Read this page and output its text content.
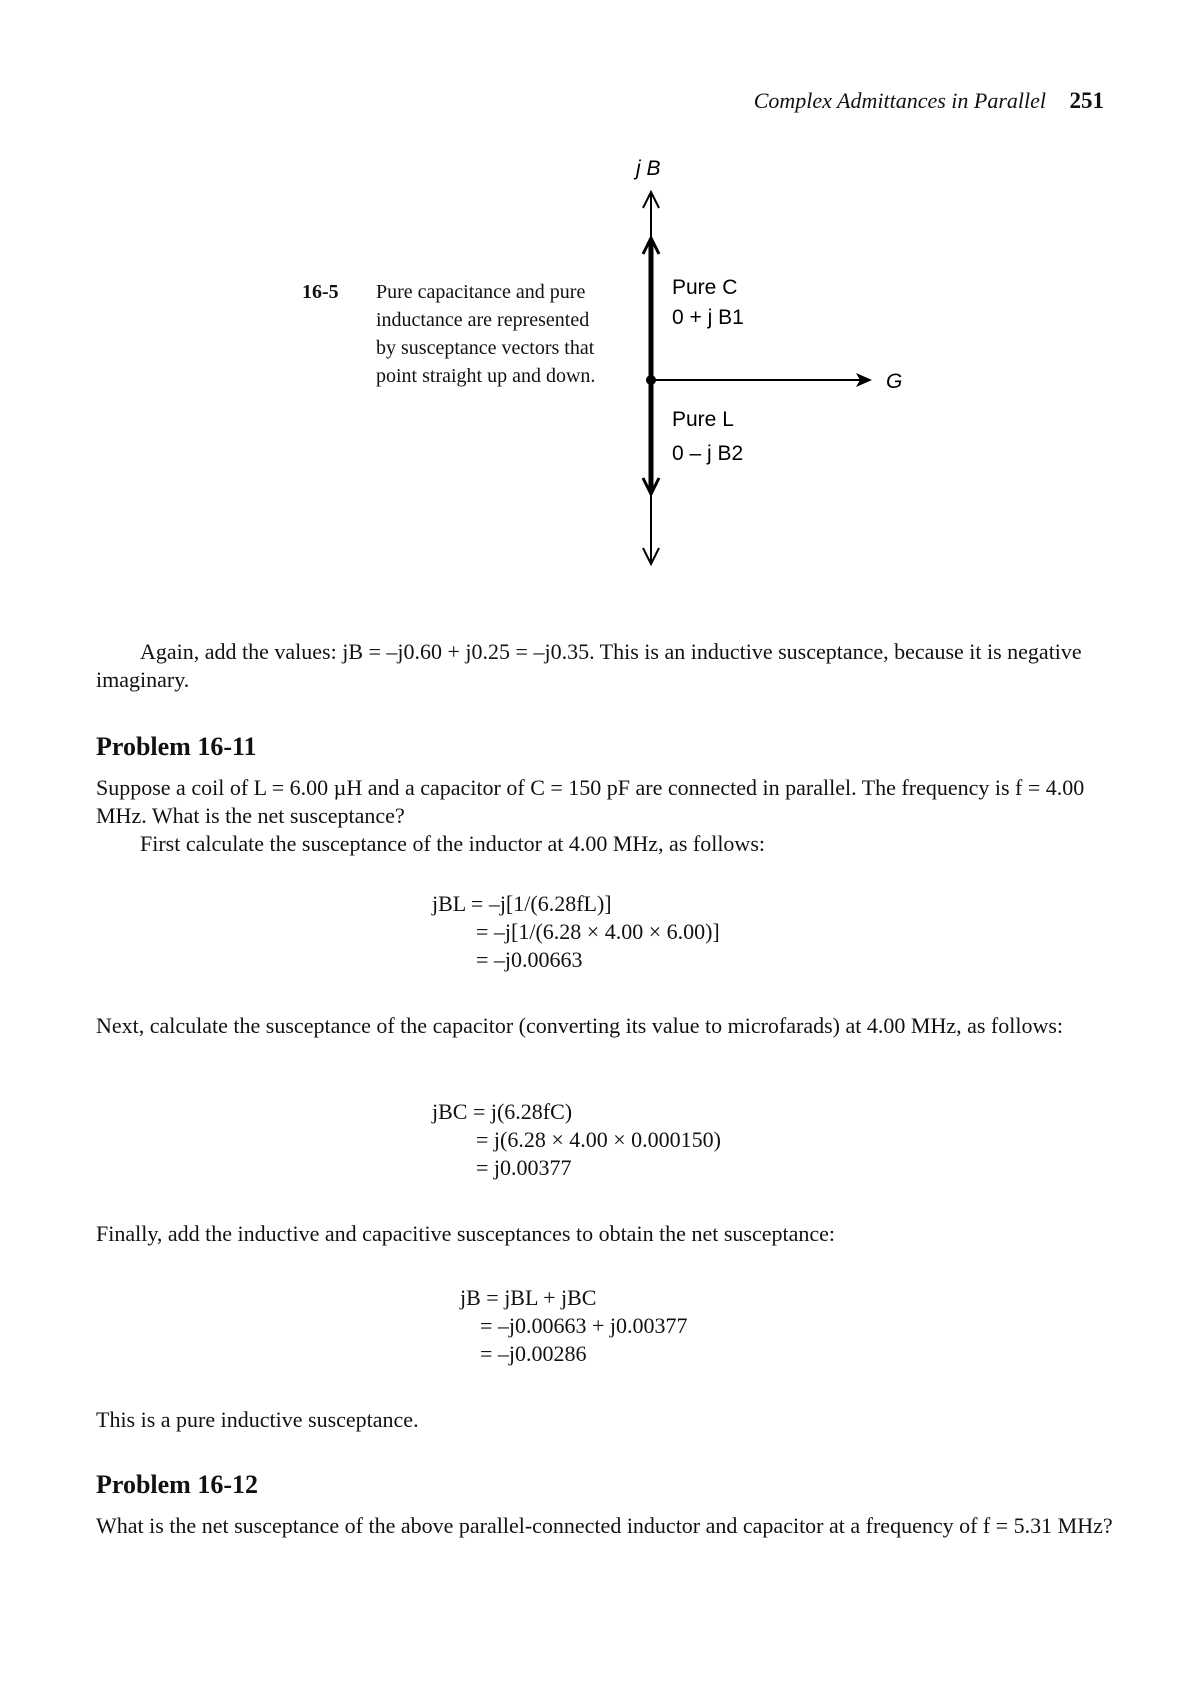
Complex Admittances in Parallel 251
j B
G
Pure C
0 + j B1
Pure L
0 – j B2
16-5 Pure capacitance and pure inductance are represented by susceptance vectors that point straight up and down.
Again, add the values: jB = –j0.60 + j0.25 = –j0.35. This is an inductive susceptance, because it is negative imaginary.
Problem 16-11
Suppose a coil of L = 6.00 µH and a capacitor of C = 150 pF are connected in parallel. The frequency is f = 4.00 MHz. What is the net susceptance?
First calculate the susceptance of the inductor at 4.00 MHz, as follows:
jBL = –j[1/(6.28fL)]
= –j[1/(6.28 × 4.00 × 6.00)]
= –j0.00663
Next, calculate the susceptance of the capacitor (converting its value to microfarads) at 4.00 MHz, as follows:
jBC = j(6.28fC)
= j(6.28 × 4.00 × 0.000150)
= j0.00377
Finally, add the inductive and capacitive susceptances to obtain the net susceptance:
jB = jBL + jBC
= –j0.00663 + j0.00377
= –j0.00286
This is a pure inductive susceptance.
Problem 16-12
What is the net susceptance of the above parallel-connected inductor and capacitor at a frequency of f = 5.31 MHz?
